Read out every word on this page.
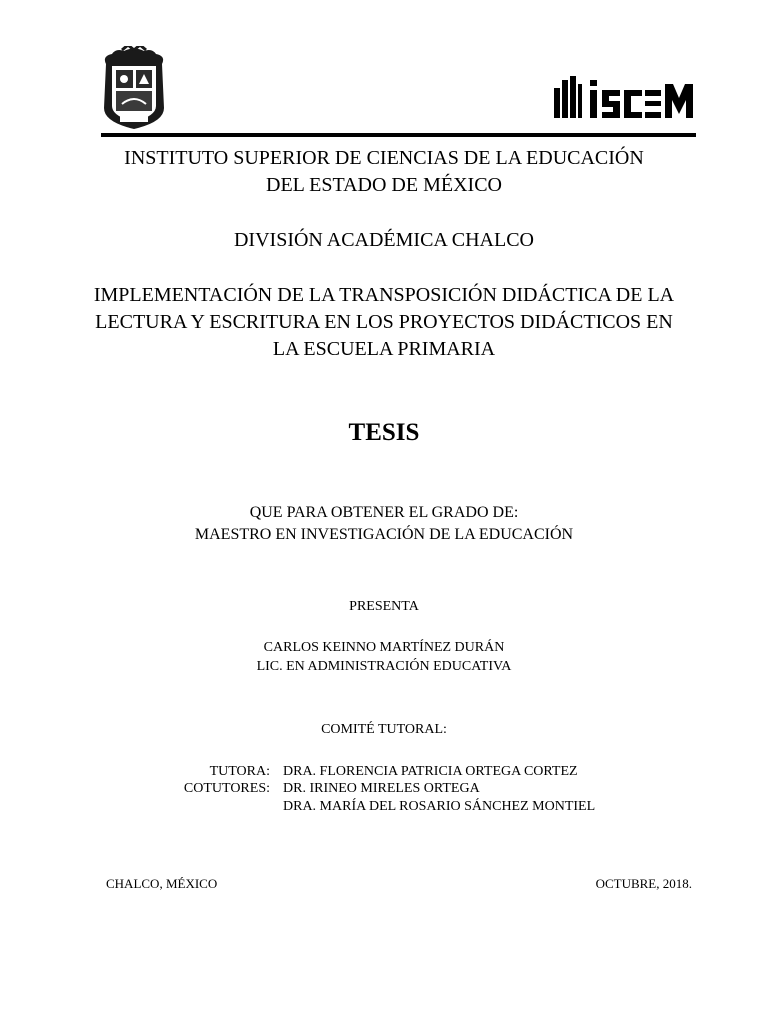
INSTITUTO SUPERIOR DE CIENCIAS DE LA EDUCACIÓN
DEL ESTADO DE MÉXICO
DIVISIÓN ACADÉMICA CHALCO
IMPLEMENTACIÓN DE LA TRANSPOSICIÓN DIDÁCTICA DE LA
LECTURA Y ESCRITURA EN LOS PROYECTOS DIDÁCTICOS EN
LA ESCUELA PRIMARIA
TESIS
QUE PARA OBTENER EL GRADO DE:
MAESTRO EN INVESTIGACIÓN DE LA EDUCACIÓN
PRESENTA
CARLOS KEINNO MARTÍNEZ DURÁN
LIC. EN ADMINISTRACIÓN EDUCATIVA
COMITÉ TUTORAL:
TUTORA: DRA. FLORENCIA PATRICIA ORTEGA CORTEZ
COTUTORES: DR. IRINEO MIRELES ORTEGA
DRA. MARÍA DEL ROSARIO SÁNCHEZ MONTIEL
CHALCO, MÉXICO	OCTUBRE, 2018.
